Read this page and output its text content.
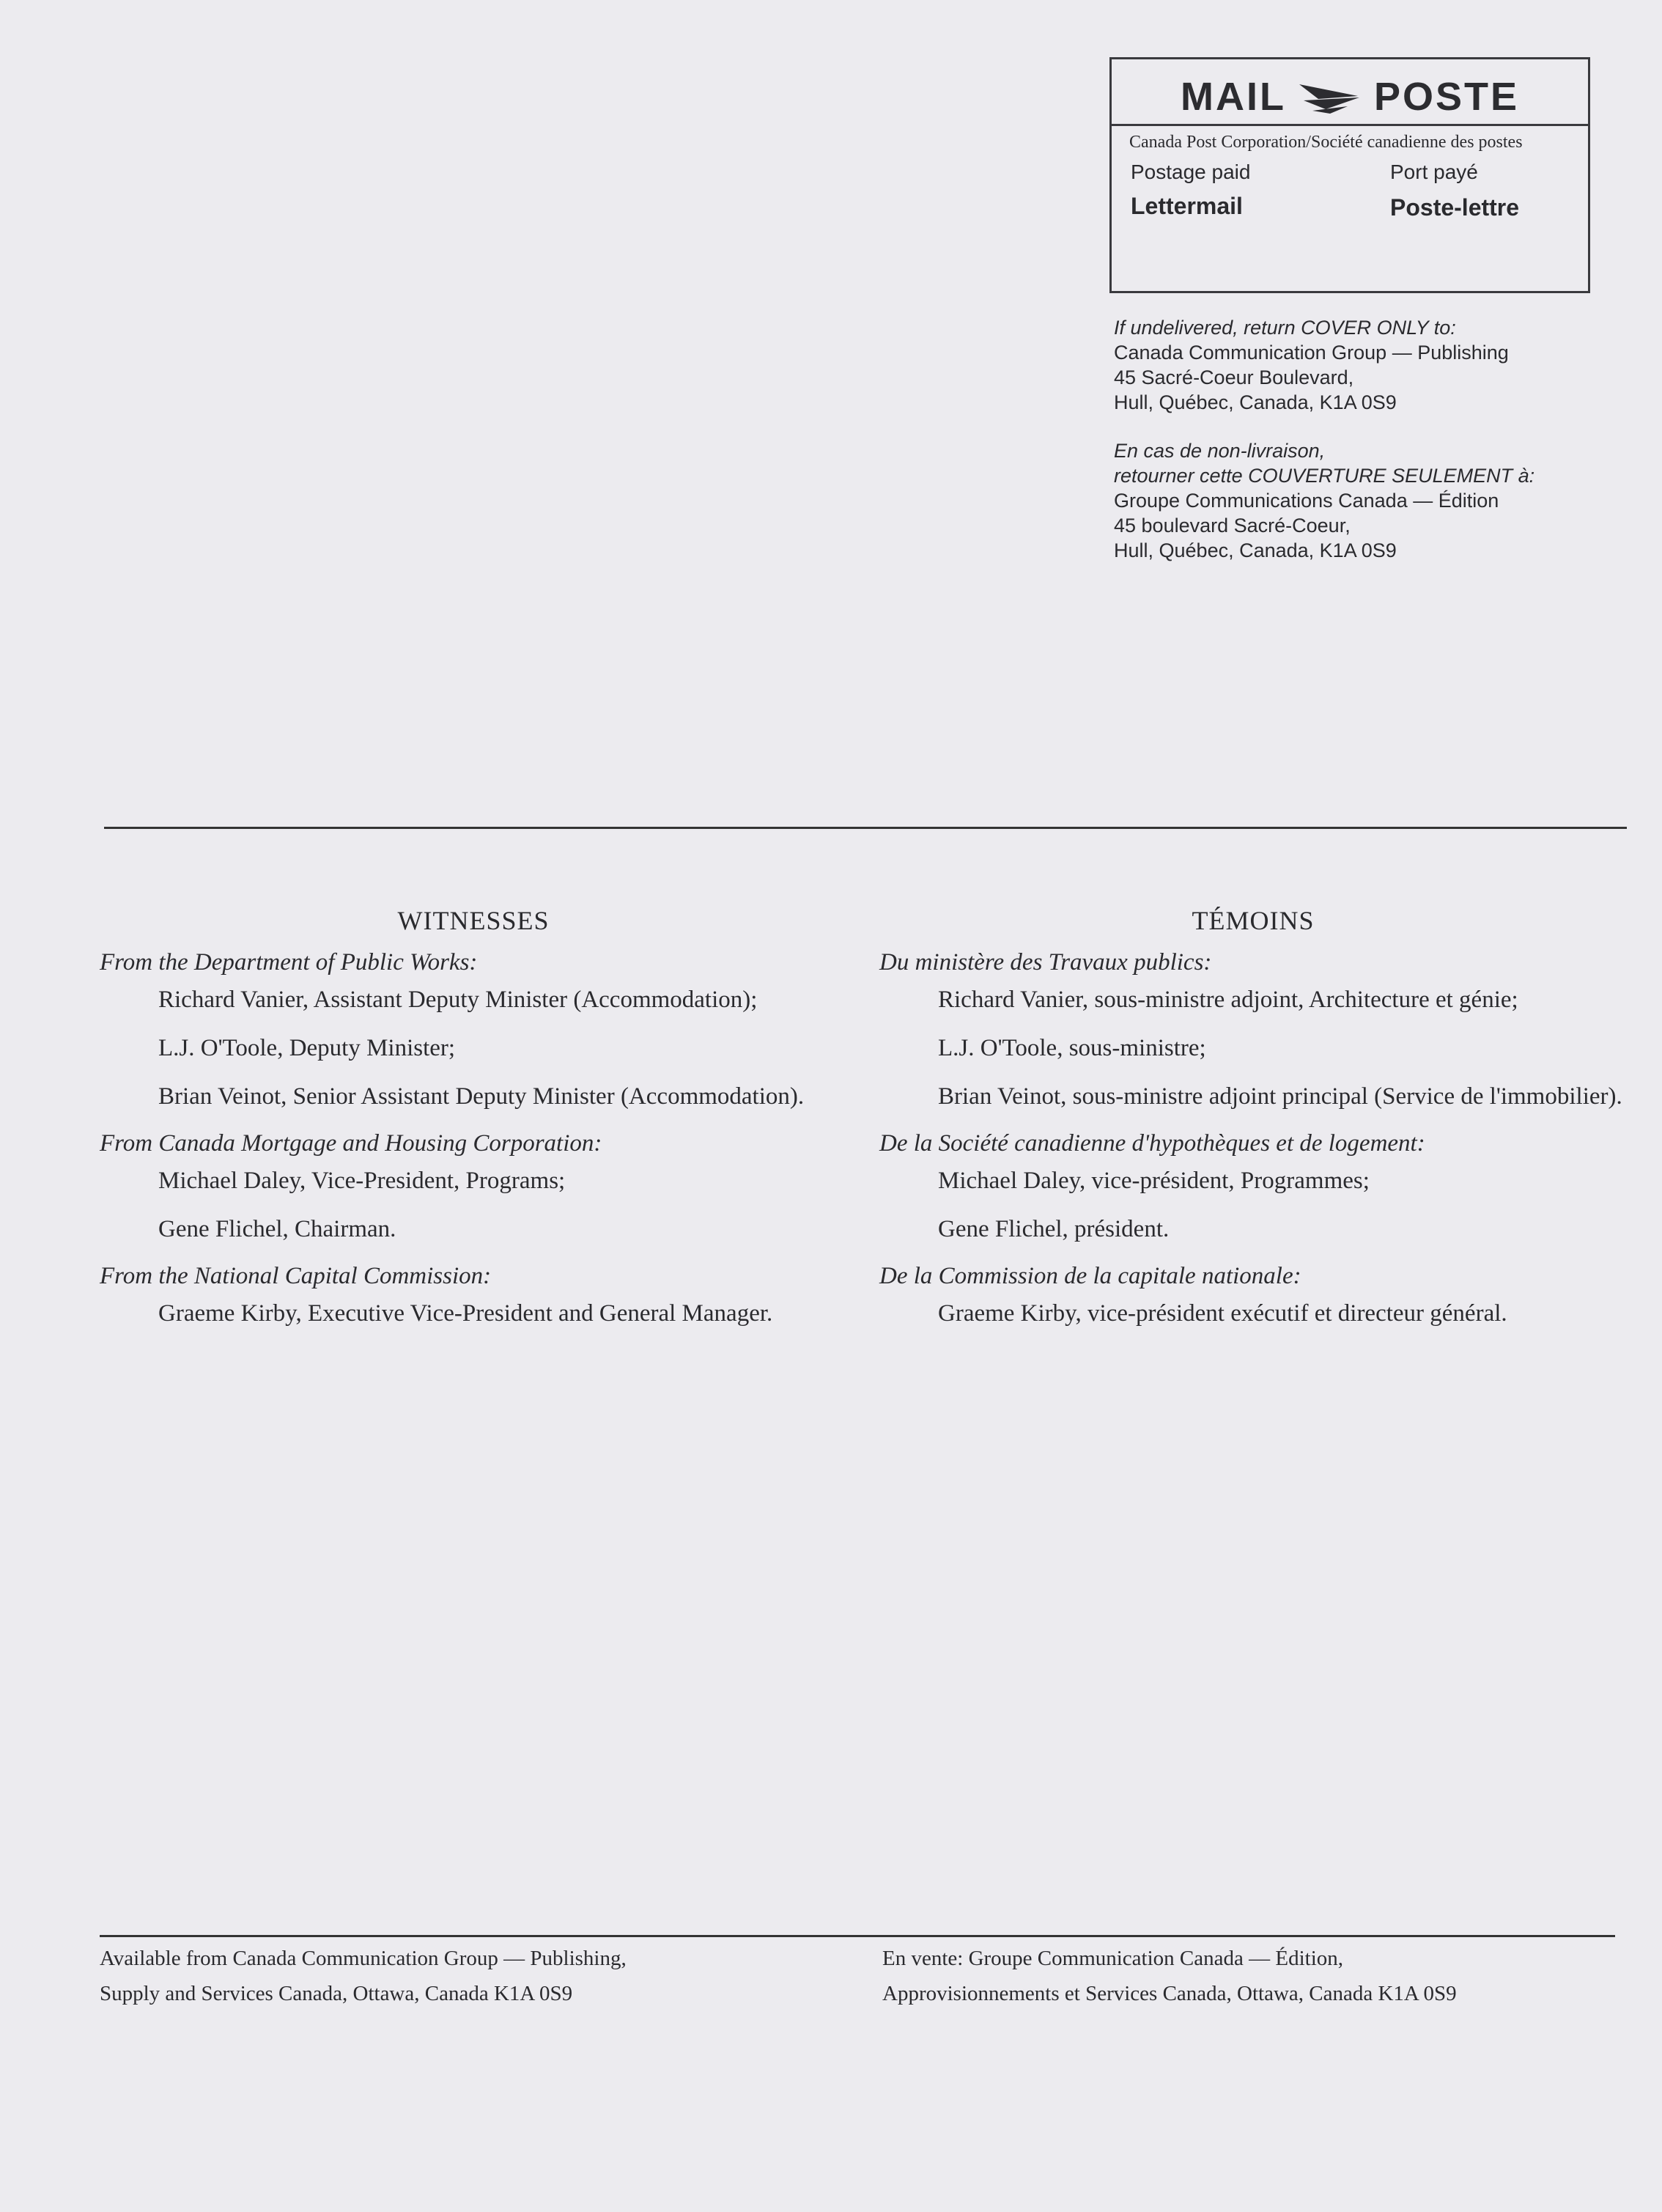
MAIL POSTE
Canada Post Corporation/Société canadienne des postes
Postage paid	Port payé
Lettermail	Poste-lettre
If undelivered, return COVER ONLY to:
Canada Communication Group — Publishing
45 Sacré-Coeur Boulevard,
Hull, Québec, Canada, K1A 0S9
En cas de non-livraison,
retourner cette COUVERTURE SEULEMENT à:
Groupe Communications Canada — Édition
45 boulevard Sacré-Coeur,
Hull, Québec, Canada, K1A 0S9
WITNESSES
From the Department of Public Works:
Richard Vanier, Assistant Deputy Minister (Accommodation);
L.J. O'Toole, Deputy Minister;
Brian Veinot, Senior Assistant Deputy Minister (Accommodation).
From Canada Mortgage and Housing Corporation:
Michael Daley, Vice-President, Programs;
Gene Flichel, Chairman.
From the National Capital Commission:
Graeme Kirby, Executive Vice-President and General Manager.
TÉMOINS
Du ministère des Travaux publics:
Richard Vanier, sous-ministre adjoint, Architecture et génie;
L.J. O'Toole, sous-ministre;
Brian Veinot, sous-ministre adjoint principal (Service de l'immobilier).
De la Société canadienne d'hypothèques et de logement:
Michael Daley, vice-président, Programmes;
Gene Flichel, président.
De la Commission de la capitale nationale:
Graeme Kirby, vice-président exécutif et directeur général.
Available from Canada Communication Group — Publishing,
Supply and Services Canada, Ottawa, Canada K1A 0S9
En vente: Groupe Communication Canada — Édition,
Approvisionnements et Services Canada, Ottawa, Canada K1A 0S9
